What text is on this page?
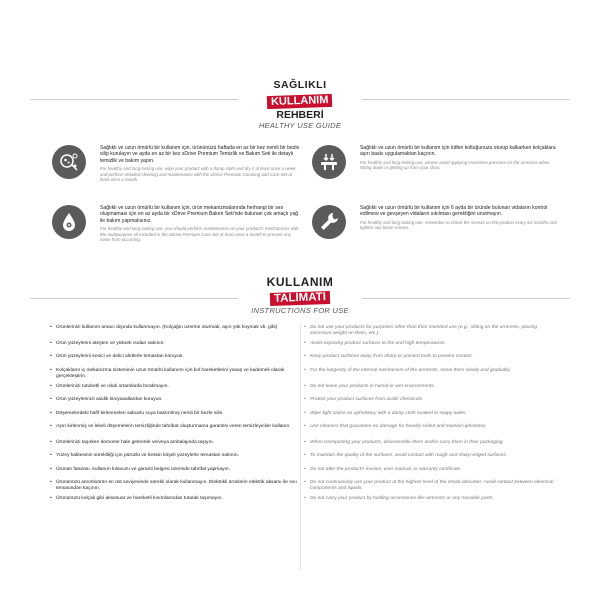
SAĞLIKLI
KULLANIM
REHBERİ
HEALTHY USE GUIDE
Sağlıklı ve uzun ömürlü bir kullanım için, ürününüzü haftada en az bir kez nemli bir bezle silip kurulayın ve ayda en az bir kez xDrive Premium Temizlik ve Bakım Seti ile detaylı temizlik ve bakım yapın.
For healthy and long-lasting use, wipe your product with a damp cloth and dry it at least once a week, and perform detailed cleaning and maintenance with the xDrive Premium Cleaning and Care Set at least once a month.
Sağlıklı ve uzun ömürlü bir kullanım için lütfen koltuğunuza oturup kalkarken kolçaklara aşırı baskı uygulamaktan kaçının.
For healthy and long-lasting use, please avoid applying excessive pressure on the armrests when sitting down or getting up from your chair.
Sağlıklı ve uzun ömürlü bir kullanım için, ürün mekanizmalarında herhangi bir ses oluşmaması için en az ayda bir xDrive Premium Bakım Seti'nde bulunan çok amaçlı yağ ile bakım yapmalısınız.
For healthy and long-lasting use, you should perform maintenance on your product's mechanisms with the multipurpose oil included in the xDrive Premium Care Set at least once a month to prevent any noise from occurring.
Sağlıklı ve uzun ömürlü bir kullanım için 6 ayda bir üründe bulunan vidaların kontrol edilmesi ve gevşeyen vidaların sıkılması gerektiğini unutmayın.
For healthy and long-lasting use, remember to check the screws on the product every six months and tighten any loose screws.
KULLANIM
TALİMATI
INSTRUCTIONS FOR USE
• Ürünlerinizi kullanım amacı dışında kullanmayın. (Kolçağın üzerine oturmak, aşırı yük koymak vb. gibi)
• Ürün yüzeylerini ateşten ve yüksek ısıdan sakının.
• Ürün yüzeylerini kesici ve delici aletlerle temastan koruyun.
• Kolçakların iç mekanizma sisteminin uzun ömürlü kullanımı için kol hareketlerini yavaş ve kademeli olarak gerçekleştirin.
• Ürünlerinizi rutubetli ve ıslak ortamlarda bırakmayın.
• Ürün yüzeylerinizi asidik kimyasallardan koruyun.
• Döşemelerdeki hafif kirlenmeleri sabunlu suya bastırılmış nemli bir bezle silin.
• Aşırı kirlenmiş ve lekeli döşemelerin temizliğinde tahribat oluşturmama garantisi veren temizleyiciler kullanın.
• Ürünlerinizi taşırken demonte hale getirerek ve/veya ambalajında taşıyın.
• Yüzey kalitesinin sürekliliği için pürüzlü ve keskin köşeli yüzeylerle temastan sakının.
• Ürünün faturası, kullanım kılavuzu ve garanti belgesi üzerinde tahrifat yapmayın.
• Ürününüzü amortisörün en üst seviyesinde sürekli olarak kullanmayın. Elektrikli ürünlerin elektrik aksamı ile sıvı temasından kaçının.
• Ürününüzü kolçak gibi aksesuar ve hareketli kısımlarından tutarak taşımayın.
• Do not use your products for purposes other than their intended use (e.g., sitting on the armrests, placing excessive weight on them, etc.).
• Avoid exposing product surfaces to fire and high temperatures.
• Keep product surfaces away from sharp or pointed tools to prevent contact.
• For the longevity of the internal mechanism of the armrests, move them slowly and gradually.
• Do not leave your products in humid or wet environments.
• Protect your product surfaces from acidic chemicals.
• Wipe light stains on upholstery with a damp cloth soaked in soapy water.
• Use cleaners that guarantee no damage for heavily soiled and stained upholstery.
• When transporting your products, disassemble them and/or carry them in their packaging.
• To maintain the quality of the surfaces, avoid contact with rough and sharp-edged surfaces.
• Do not alter the product's invoice, user manual, or warranty certificate.
• Do not continuously use your product at the highest level of the shock absorber. Avoid contact between electrical components and liquids.
• Do not carry your product by holding accessories like armrests or any movable parts.
